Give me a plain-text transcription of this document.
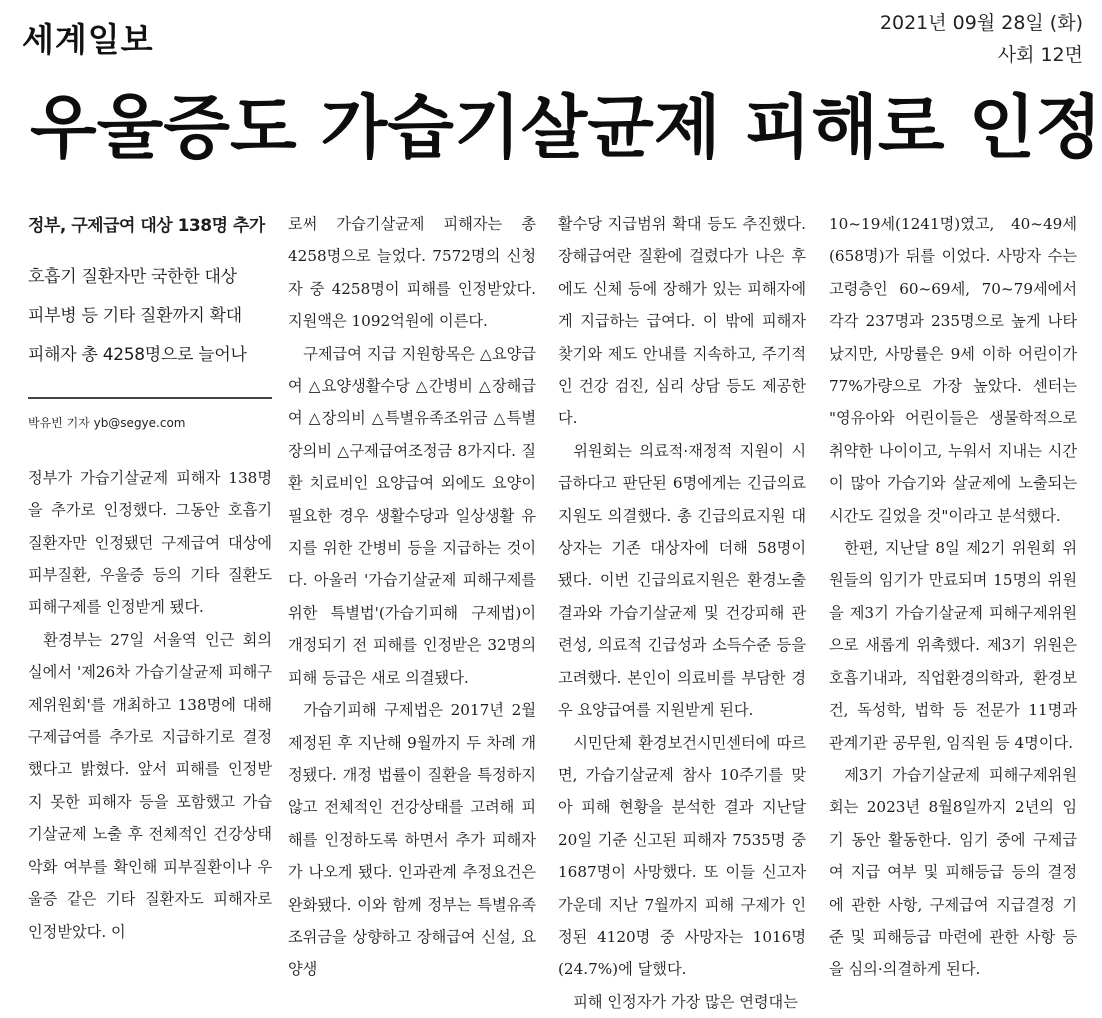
세계일보	2021년 09월 28일 (화)
사회 12면
우울증도 가습기살균제 피해로 인정
정부, 구제급여 대상 138명 추가
호흡기 질환자만 국한한 대상
피부병 등 기타 질환까지 확대
피해자 총 4258명으로 늘어나
박유빈 기자 yb@segye.com

정부가 가습기살균제 피해자 138명을 추가로 인정했다. 그동안 호흡기 질환자만 인정됐던 구제급여 대상에 피부질환, 우울증 등의 기타 질환도 피해구제를 인정받게 됐다.

환경부는 27일 서울역 인근 회의실에서 '제26차 가습기살균제 피해구제위원회'를 개최하고 138명에 대해 구제급여를 추가로 지급하기로 결정했다고 밝혔다. 앞서 피해를 인정받지 못한 피해자 등을 포함했고 가습기살균제 노출 후 전체적인 건강상태 악화 여부를 확인해 피부질환이나 우울증 같은 기타 질환자도 피해자로 인정받았다. 이

로써 가습기살균제 피해자는 총 4258명으로 늘었다. 7572명의 신청자 중 4258명이 피해를 인정받았다. 지원액은 1092억원에 이른다.

구제급여 지급 지원항목은 △요양급여 △요양생활수당 △간병비 △장해급여 △장의비 △특별유족조위금 △특별장의비 △구제급여조정금 8가지다. 질환 치료비인 요양급여 외에도 요양이 필요한 경우 생활수당과 일상생활 유지를 위한 간병비 등을 지급하는 것이다. 아울러 '가습기살균제 피해구제를 위한 특별법'(가습기피해 구제법)이 개정되기 전 피해를 인정받은 32명의 피해 등급은 새로 의결됐다.

가습기피해 구제법은 2017년 2월 제정된 후 지난해 9월까지 두 차례 개정됐다. 개정 법률이 질환을 특정하지 않고 전체적인 건강상태를 고려해 피해를 인정하도록 하면서 추가 피해자가 나오게 됐다. 인과관계 추정요건은 완화됐다. 이와 함께 정부는 특별유족조위금을 상향하고 장해급여 신설, 요양생

활수당 지급범위 확대 등도 추진했다. 장해급여란 질환에 걸렸다가 나은 후에도 신체 등에 장해가 있는 피해자에게 지급하는 급여다. 이 밖에 피해자 찾기와 제도 안내를 지속하고, 주기적인 건강 검진, 심리 상담 등도 제공한다.

위원회는 의료적·재정적 지원이 시급하다고 판단된 6명에게는 긴급의료 지원도 의결했다. 총 긴급의료지원 대상자는 기존 대상자에 더해 58명이 됐다. 이번 긴급의료지원은 환경노출 결과와 가습기살균제 및 건강피해 관련성, 의료적 긴급성과 소득수준 등을 고려했다. 본인이 의료비를 부담한 경우 요양급여를 지원받게 된다.

시민단체 환경보건시민센터에 따르면, 가습기살균제 참사 10주기를 맞아 피해 현황을 분석한 결과 지난달 20일 기준 신고된 피해자 7535명 중 1687명이 사망했다. 또 이들 신고자 가운데 지난 7월까지 피해 구제가 인정된 4120명 중 사망자는 1016명(24.7%)에 달했다.

피해 인정자가 가장 많은 연령대는

10~19세(1241명)였고, 40~49세(658명)가 뒤를 이었다. 사망자 수는 고령층인 60~69세, 70~79세에서 각각 237명과 235명으로 높게 나타났지만, 사망률은 9세 이하 어린이가 77%가량으로 가장 높았다. 센터는 "영유아와 어린이들은 생물학적으로 취약한 나이이고, 누워서 지내는 시간이 많아 가습기와 살균제에 노출되는 시간도 길었을 것"이라고 분석했다.

한편, 지난달 8일 제2기 위원회 위원들의 임기가 만료되며 15명의 위원을 제3기 가습기살균제 피해구제위원으로 새롭게 위촉했다. 제3기 위원은 호흡기내과, 직업환경의학과, 환경보건, 독성학, 법학 등 전문가 11명과 관계기관 공무원, 임직원 등 4명이다.

제3기 가습기살균제 피해구제위원회는 2023년 8월8일까지 2년의 임기 동안 활동한다. 임기 중에 구제급여 지급 여부 및 피해등급 등의 결정에 관한 사항, 구제급여 지급결정 기준 및 피해등급 마련에 관한 사항 등을 심의·의결하게 된다.
